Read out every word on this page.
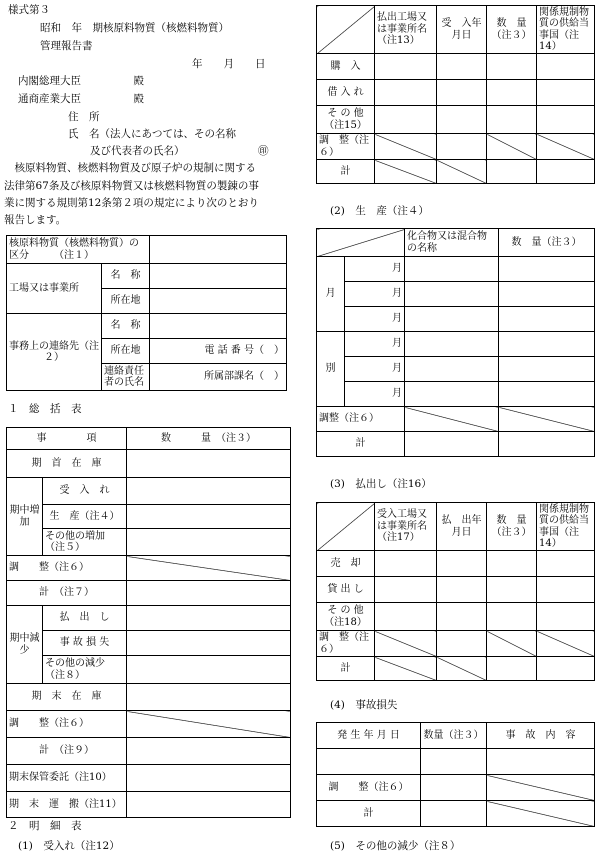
様式第３
昭和　年　期核原料物質（核燃料物質）
管理報告書
年　　月　　日
内閣総理大臣　　　　　殿
通商産業大臣　　　　　殿
住　所
氏　名（法人にあつては、その名称
及び代表者の氏名）	㊞
　核原料物質、核燃料物質及び原子炉の規制に関する
法律第67条及び核原料物質又は核燃料物質の製錬の事
業に関する規則第12条第２項の規定により次のとおり
報告します。
核原料物質（核燃料物質）の区分　　　（注１）		
工場又は事業所	名　称	
	所在地	
事務上の連絡先（注２）	名　称	
	所在地	電 話 番 号（　）
	連絡責任者の氏名	所属部課名（　）
１　総　括　表
事　　　　項		数　　　量　（注３）
期　首　在　庫		
期中増加	受　入　れ	
	生　産（注４）	
	その他の増加（注５）	
調　　整（注６）		
計　（注７）		
期中減少	払　出　し	
	事 故 損 失	
	その他の減少（注８）	
期　末　在　庫		
調　　整（注６）		
計　（注９）		
期末保管委託（注10）		
期　末　運　搬（注11）		
２　明　細　表
(1)　受入れ（注12）
	払出工場又は事業所名（注13）	受　入年月日	数　量（注３）	関係規制物質の供給当事国（注14）
購　入				
借 入 れ				
そ の 他（注15）				
調　整（注６）				
計				
(2)　生　産（注４）
		化合物又は混合物の名称	数　量（注３）
月	月		
	月		
	月		
別	月		
	月		
	月		
調整（注６）			
計			
(3)　払出し（注16）
	受入工場又は事業所名（注17）	払　出年月日	数　量（注３）	関係規制物質の供給当事国（注14）
売　却				
貸 出 し				
そ の 他（注18）				
調　整（注６）				
計				
(4)　事故損失
発 生 年 月 日	数量（注３）	事　故　内　容

調　　整（注６）		
計		
(5)　その他の減少（注８）
